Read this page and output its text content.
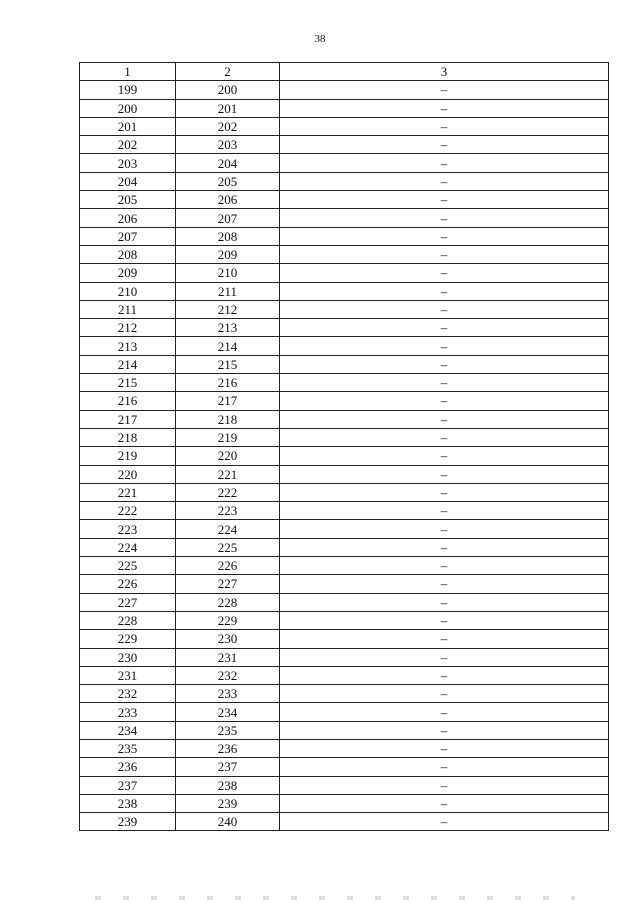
38
1	2	3
199	200	–
200	201	–
201	202	–
202	203	–
203	204	–
204	205	–
205	206	–
206	207	–
207	208	–
208	209	–
209	210	–
210	211	–
211	212	–
212	213	–
213	214	–
214	215	–
215	216	–
216	217	–
217	218	–
218	219	–
219	220	–
220	221	–
221	222	–
222	223	–
223	224	–
224	225	–
225	226	–
226	227	–
227	228	–
228	229	–
229	230	–
230	231	–
231	232	–
232	233	–
233	234	–
234	235	–
235	236	–
236	237	–
237	238	–
238	239	–
239	240	–
